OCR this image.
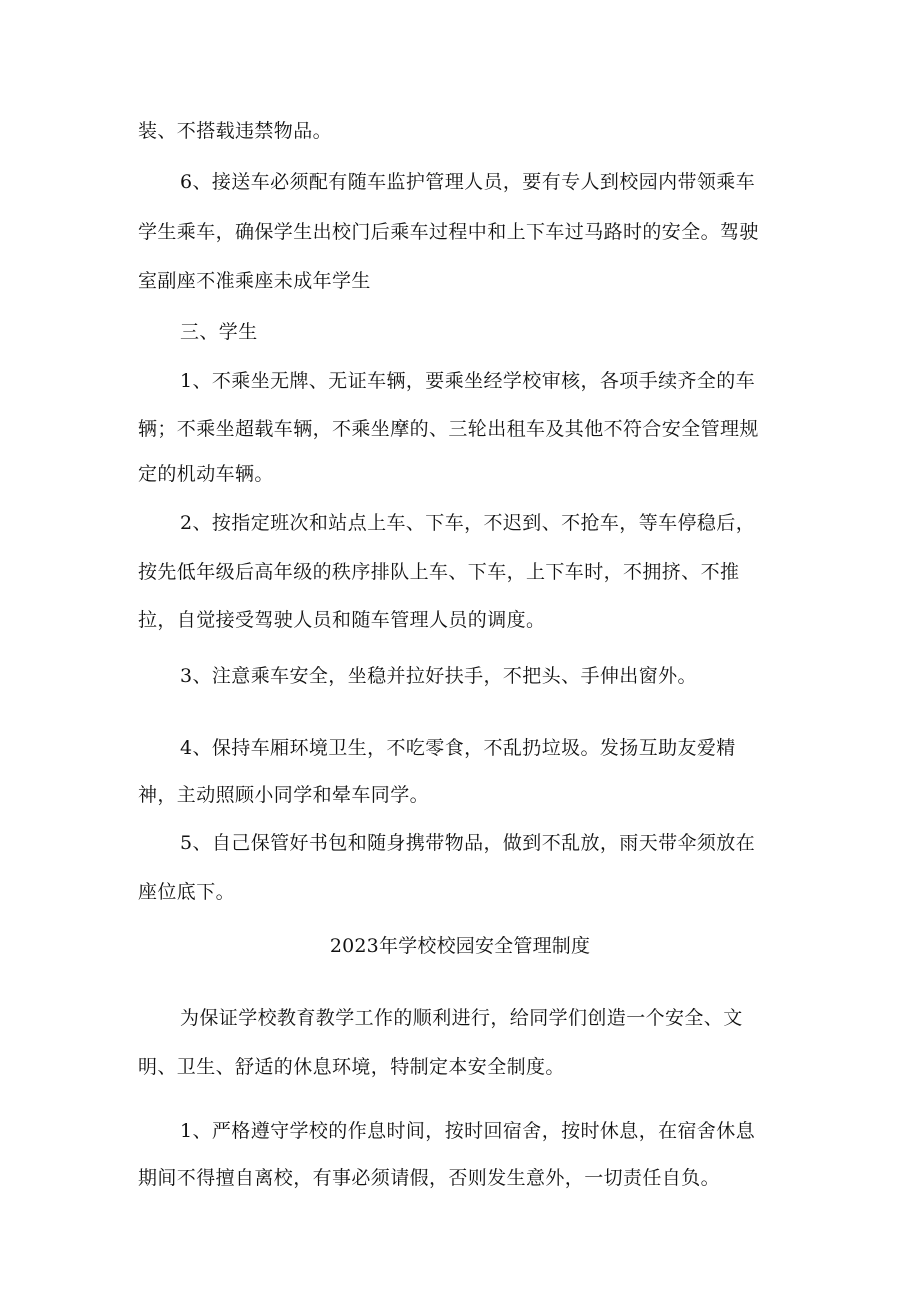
装、不搭载违禁物品。
6、接送车必须配有随车监护管理人员，要有专人到校园内带领乘车
学生乘车，确保学生出校门后乘车过程中和上下车过马路时的安全。驾驶
室副座不准乘座未成年学生
三、学生
1、不乘坐无牌、无证车辆，要乘坐经学校审核，各项手续齐全的车
辆；不乘坐超载车辆，不乘坐摩的、三轮出租车及其他不符合安全管理规
定的机动车辆。
2、按指定班次和站点上车、下车，不迟到、不抢车，等车停稳后，
按先低年级后高年级的秩序排队上车、下车，上下车时，不拥挤、不推
拉，自觉接受驾驶人员和随车管理人员的调度。
3、注意乘车安全，坐稳并拉好扶手，不把头、手伸出窗外。
4、保持车厢环境卫生，不吃零食，不乱扔垃圾。发扬互助友爱精
神，主动照顾小同学和晕车同学。
5、自己保管好书包和随身携带物品，做到不乱放，雨天带伞须放在
座位底下。
2023年学校校园安全管理制度
为保证学校教育教学工作的顺利进行，给同学们创造一个安全、文
明、卫生、舒适的休息环境，特制定本安全制度。
1、严格遵守学校的作息时间，按时回宿舍，按时休息，在宿舍休息
期间不得擅自离校，有事必须请假，否则发生意外，一切责任自负。
